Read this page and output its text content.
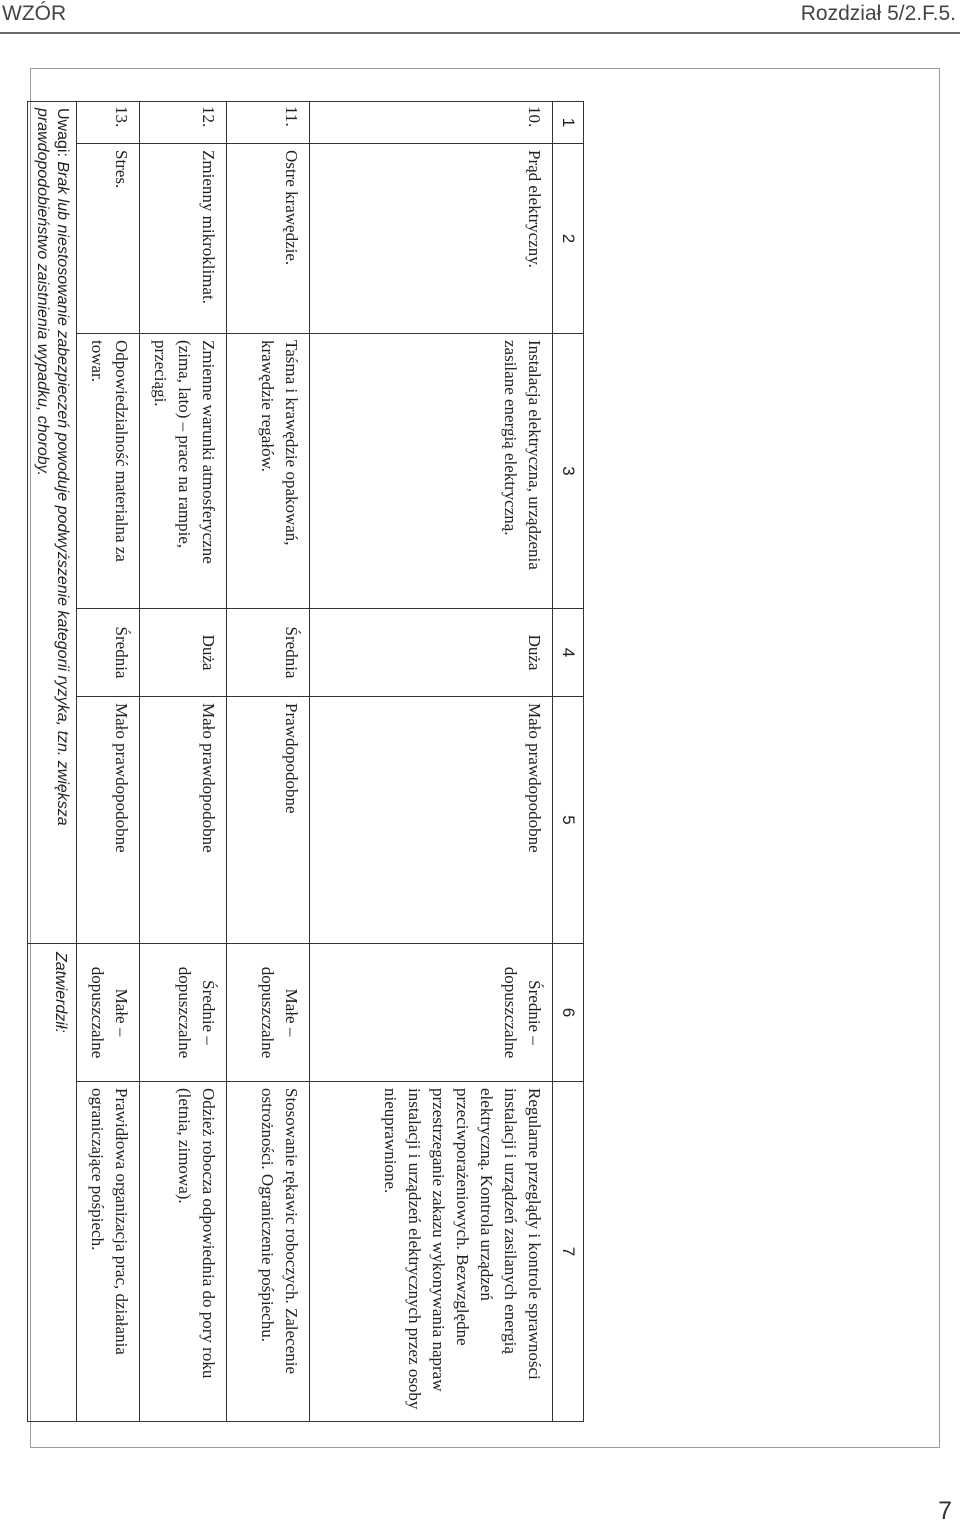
WZÓR	Rozdział 5/2.F.5.
1	2	3	4	5	6	7
10.	Prąd elektryczny.	Instalacja elektryczna, urządzenia zasilane energią elektryczną.	Duża	Mało prawdopodobne	Średnie – dopuszczalne	Regularne przeglądy i kontrole sprawności instalacji i urządzeń zasilanych energią elektryczną. Kontrola urządzeń przeciwporażeniowych. Bezwzględne przestrzeganie zakazu wykonywania napraw instalacji i urządzeń elektrycznych przez osoby nieuprawnione.
11.	Ostre krawędzie.	Taśma i krawędzie opakowań, krawędzie regałów.	Średnia	Prawdopodobne	Małe – dopuszczalne	Stosowanie rękawic roboczych. Zalecenie ostrożności. Ograniczenie pośpiechu.
12.	Zmienny mikroklimat.	Zmienne warunki atmosferyczne (zima, lato) – prace na rampie, przeciągi.	Duża	Mało prawdopodobne	Średnie – dopuszczalne	Odzież robocza odpowiednia do pory roku (letnia, zimowa).
13.	Stres.	Odpowiedzialność materialna za towar.	Średnia	Mało prawdopodobne	Małe – dopuszczalne	Prawidłowa organizacja prac, działania ograniczające pośpiech.
Uwagi: Brak lub niestosowanie zabezpieczeń powoduje podwyższenie kategorii ryzyka, tzn. zwiększa prawdopodobieństwo zaistnienia wypadku, choroby.					Zatwierdził:	
7
